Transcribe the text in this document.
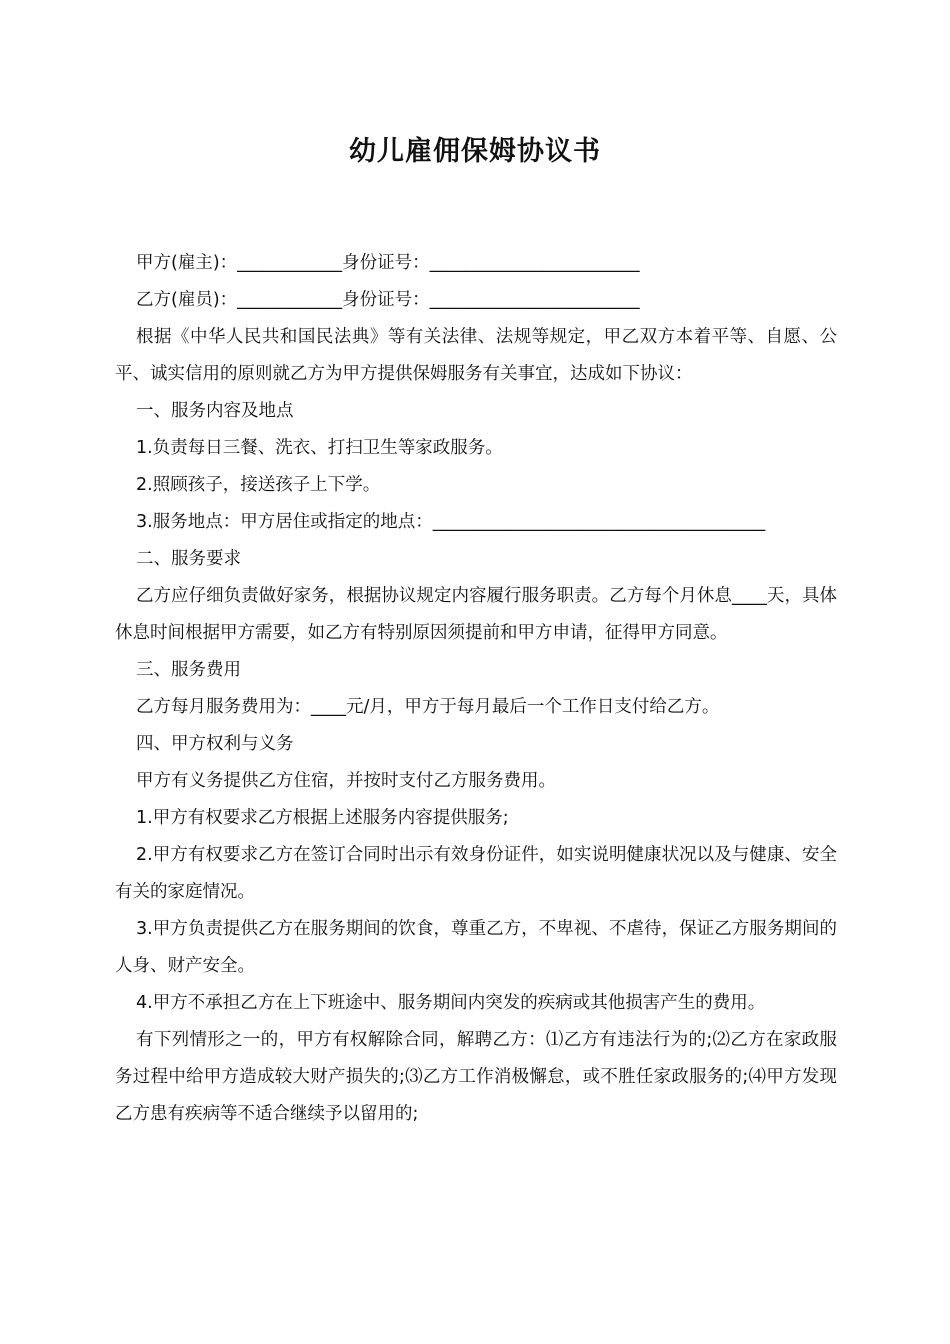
幼儿雇佣保姆协议书

甲方(雇主)：____________身份证号：________________________

乙方(雇员)：____________身份证号：________________________

根据《中华人民共和国民法典》等有关法律、法规等规定，甲乙双方本着平等、自愿、公平、诚实信用的原则就乙方为甲方提供保姆服务有关事宜，达成如下协议：

一、服务内容及地点

1.负责每日三餐、洗衣、打扫卫生等家政服务。

2.照顾孩子，接送孩子上下学。

3.服务地点：甲方居住或指定的地点：______________________________________

二、服务要求

乙方应仔细负责做好家务，根据协议规定内容履行服务职责。乙方每个月休息____天，具体休息时间根据甲方需要，如乙方有特别原因须提前和甲方申请，征得甲方同意。

三、服务费用

乙方每月服务费用为：____元/月，甲方于每月最后一个工作日支付给乙方。

四、甲方权利与义务

甲方有义务提供乙方住宿，并按时支付乙方服务费用。

1.甲方有权要求乙方根据上述服务内容提供服务;

2.甲方有权要求乙方在签订合同时出示有效身份证件，如实说明健康状况以及与健康、安全有关的家庭情况。

3.甲方负责提供乙方在服务期间的饮食，尊重乙方，不卑视、不虐待，保证乙方服务期间的人身、财产安全。

4.甲方不承担乙方在上下班途中、服务期间内突发的疾病或其他损害产生的费用。

有下列情形之一的，甲方有权解除合同，解聘乙方：⑴乙方有违法行为的;⑵乙方在家政服务过程中给甲方造成较大财产损失的;⑶乙方工作消极懈怠，或不胜任家政服务的;⑷甲方发现乙方患有疾病等不适合继续予以留用的;
